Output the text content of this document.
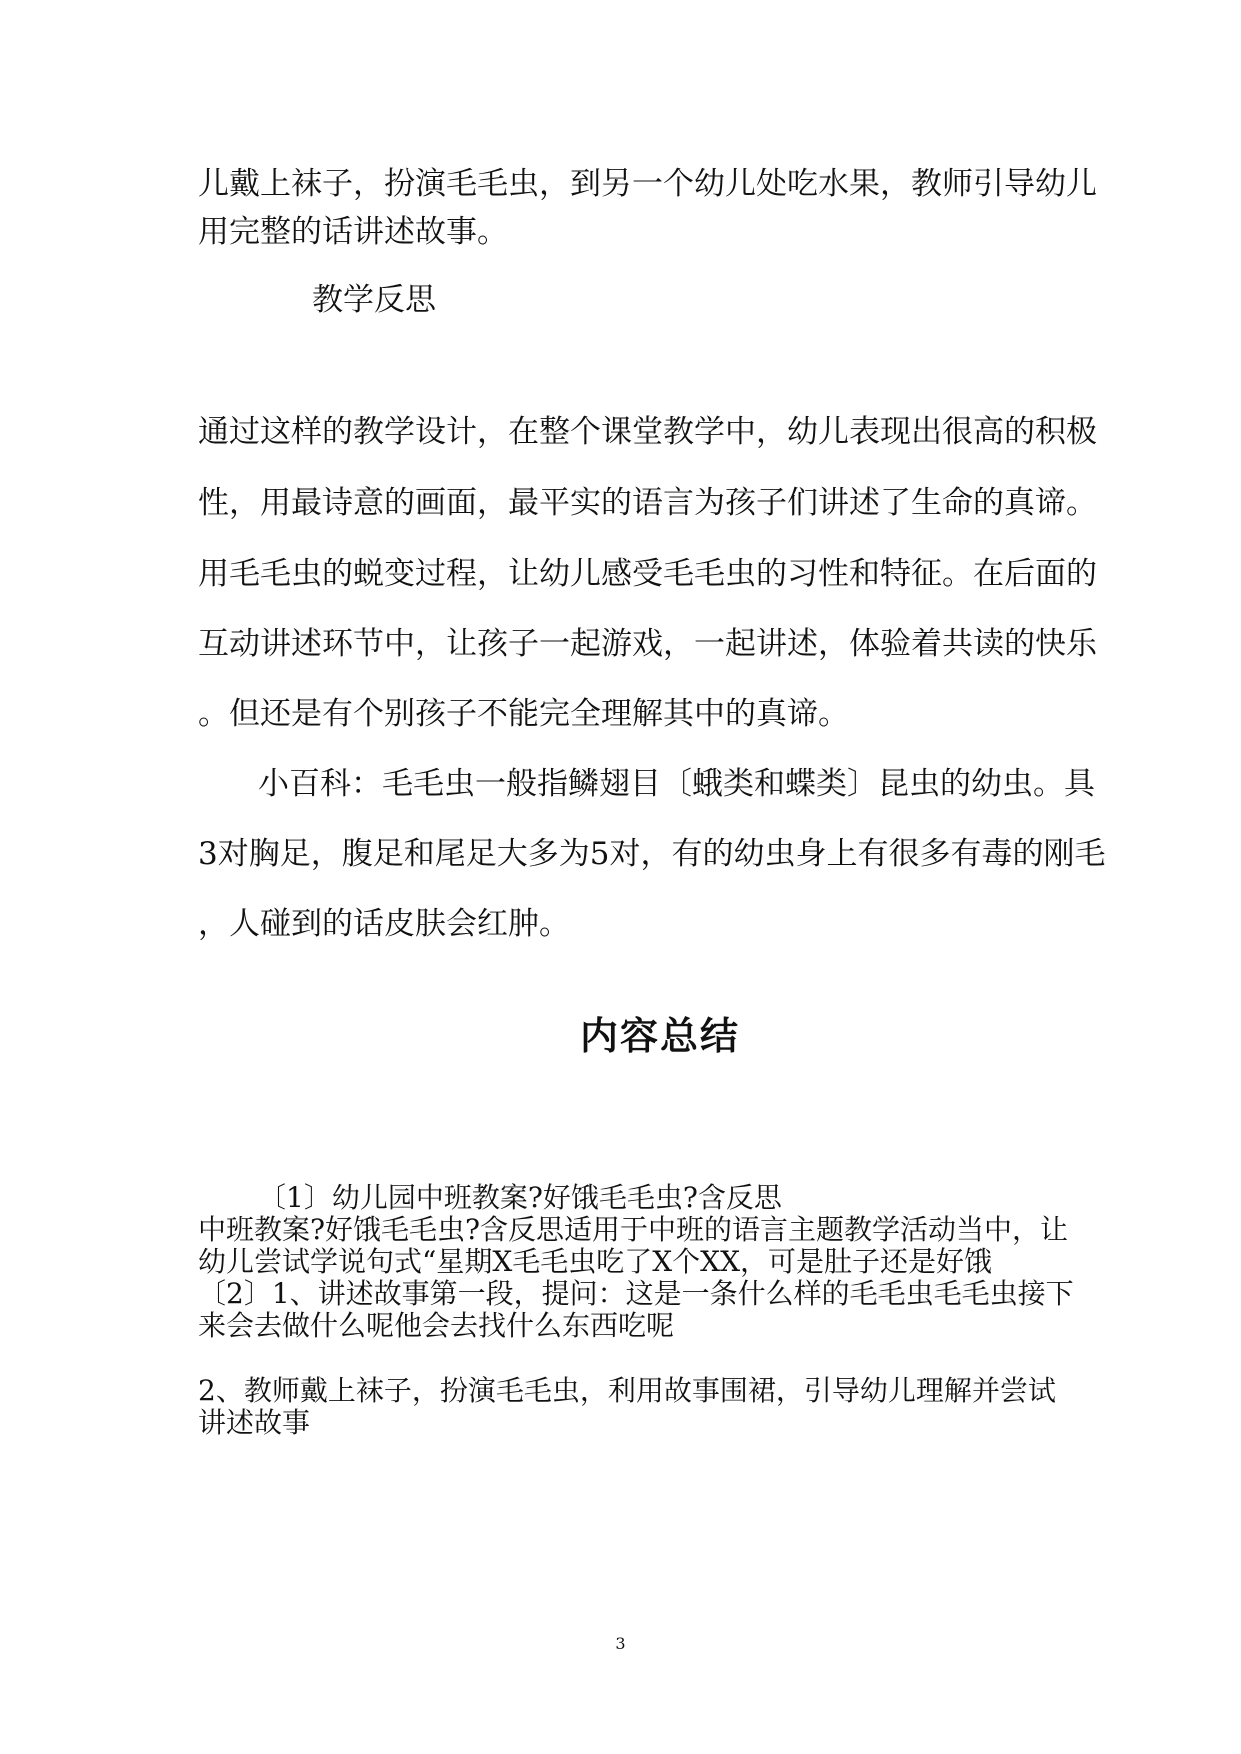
儿戴上袜子，扮演毛毛虫，到另一个幼儿处吃水果，教师引导幼儿
用完整的话讲述故事。
教学反思
通过这样的教学设计，在整个课堂教学中，幼儿表现出很高的积极
性，用最诗意的画面，最平实的语言为孩子们讲述了生命的真谛。
用毛毛虫的蜕变过程，让幼儿感受毛毛虫的习性和特征。在后面的
互动讲述环节中，让孩子一起游戏，一起讲述，体验着共读的快乐
。但还是有个别孩子不能完全理解其中的真谛。
小百科：毛毛虫一般指鳞翅目〔蛾类和蝶类〕昆虫的幼虫。具
3对胸足，腹足和尾足大多为5对，有的幼虫身上有很多有毒的刚毛
，人碰到的话皮肤会红肿。
内容总结
〔1〕幼儿园中班教案?好饿毛毛虫?含反思
中班教案?好饿毛毛虫?含反思适用于中班的语言主题教学活动当中，让
幼儿尝试学说句式“星期X毛毛虫吃了X个XX，可是肚子还是好饿
〔2〕1、讲述故事第一段，提问：这是一条什么样的毛毛虫毛毛虫接下
来会去做什么呢他会去找什么东西吃呢
2、教师戴上袜子，扮演毛毛虫，利用故事围裙，引导幼儿理解并尝试
讲述故事
3
